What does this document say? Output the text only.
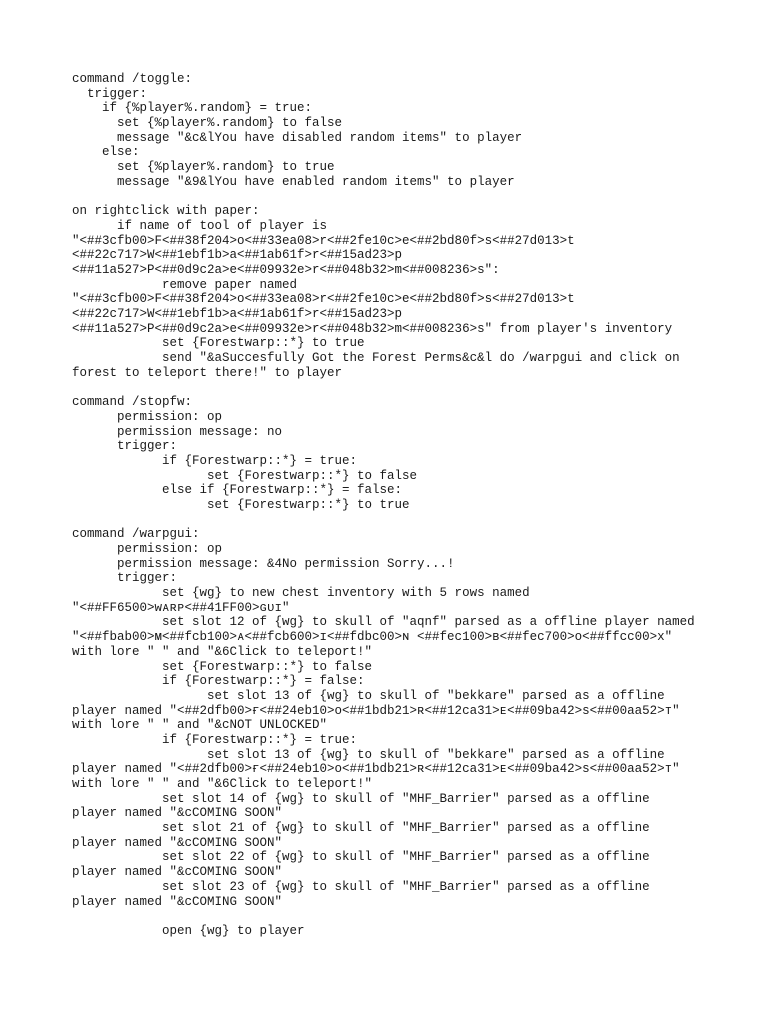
command /toggle:
trigger:
if {%player%.random} = true:
set {%player%.random} to false
message "&c&lYou have disabled random items" to player
else:
set {%player%.random} to true
message "&9&lYou have enabled random items" to player
on rightclick with paper:
if name of tool of player is
"<##3cfb00>F<##38f204>o<##33ea08>r<##2fe10c>e<##2bd80f>s<##27d013>t
<##22c717>W<##1ebf1b>a<##1ab61f>r<##15ad23>p
<##11a527>P<##0d9c2a>e<##09932e>r<##048b32>m<##008236>s":
remove paper named
"<##3cfb00>F<##38f204>o<##33ea08>r<##2fe10c>e<##2bd80f>s<##27d013>t
<##22c717>W<##1ebf1b>a<##1ab61f>r<##15ad23>p
<##11a527>P<##0d9c2a>e<##09932e>r<##048b32>m<##008236>s" from player's inventory
set {Forestwarp::*} to true
send "&aSuccesfully Got the Forest Perms&c&l do /warpgui and click on
forest to teleport there!" to player
command /stopfw:
permission: op
permission message: no
trigger:
if {Forestwarp::*} = true:
set {Forestwarp::*} to false
else if {Forestwarp::*} = false:
set {Forestwarp::*} to true
command /warpgui:
permission: op
permission message: &4No permission Sorry...!
trigger:
set {wg} to new chest inventory with 5 rows named
"<##FF6500>ᴡᴀʀᴘ<##41FF00>ɢᴜɪ"
set slot 12 of {wg} to skull of "aqnf" parsed as a offline player named
"<##fbab00>ᴍ<##fcb100>ᴀ<##fcb600>ɪ<##fdbc00>ɴ <##fec100>ʙ<##fec700>ᴏ<##ffcc00>x"
with lore " " and "&6Click to teleport!"
set {Forestwarp::*} to false
if {Forestwarp::*} = false:
set slot 13 of {wg} to skull of "bekkare" parsed as a offline
player named "<##2dfb00>ғ<##24eb10>ᴏ<##1bdb21>ʀ<##12ca31>ᴇ<##09ba42>s<##00aa52>ᴛ"
with lore " " and "&cNOT UNLOCKED"
if {Forestwarp::*} = true:
set slot 13 of {wg} to skull of "bekkare" parsed as a offline
player named "<##2dfb00>ғ<##24eb10>ᴏ<##1bdb21>ʀ<##12ca31>ᴇ<##09ba42>s<##00aa52>ᴛ"
with lore " " and "&6Click to teleport!"
set slot 14 of {wg} to skull of "MHF_Barrier" parsed as a offline
player named "&cCOMING SOON"
set slot 21 of {wg} to skull of "MHF_Barrier" parsed as a offline
player named "&cCOMING SOON"
set slot 22 of {wg} to skull of "MHF_Barrier" parsed as a offline
player named "&cCOMING SOON"
set slot 23 of {wg} to skull of "MHF_Barrier" parsed as a offline
player named "&cCOMING SOON"
open {wg} to player
